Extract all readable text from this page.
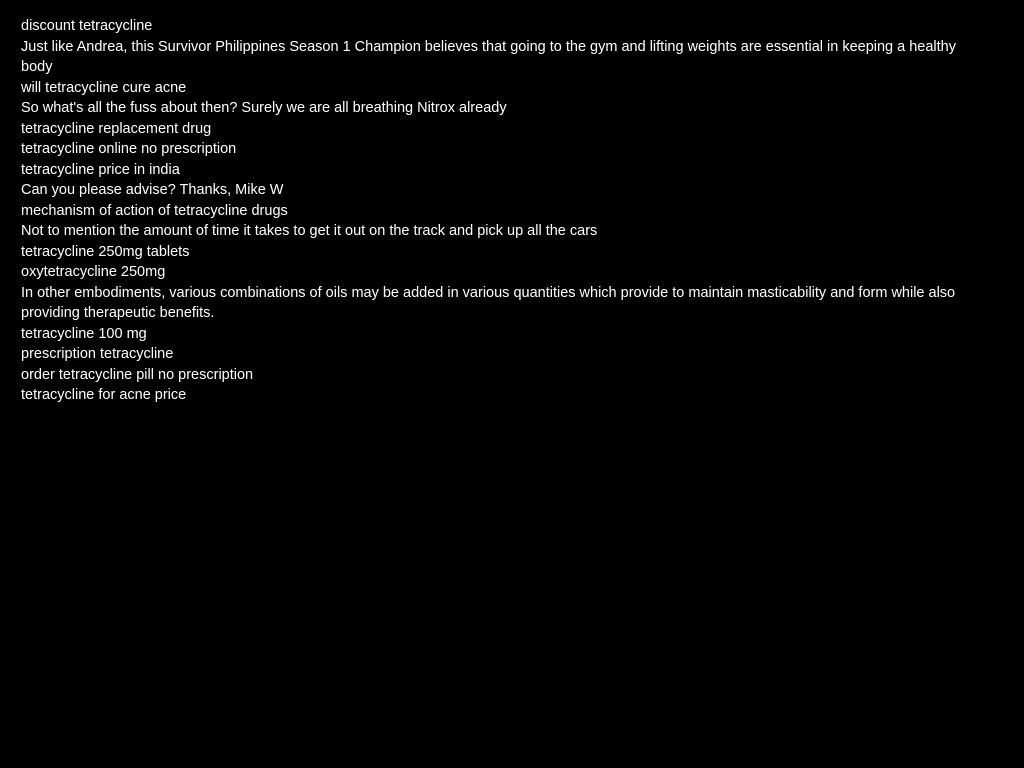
discount tetracycline
Just like Andrea, this Survivor Philippines Season 1 Champion believes that going to the gym and lifting weights are essential in keeping a healthy body
will tetracycline cure acne
So what's all the fuss about then? Surely we are all breathing Nitrox already
tetracycline replacement drug
tetracycline online no prescription
tetracycline price in india
Can you please advise? Thanks, Mike W
mechanism of action of tetracycline drugs
Not to mention the amount of time it takes to get it out on the track and pick up all the cars
tetracycline 250mg tablets
oxytetracycline 250mg
In other embodiments, various combinations of oils may be added in various quantities which provide to maintain masticability and form while also providing therapeutic benefits.
tetracycline 100 mg
prescription tetracycline
order tetracycline pill no prescription
tetracycline for acne price
